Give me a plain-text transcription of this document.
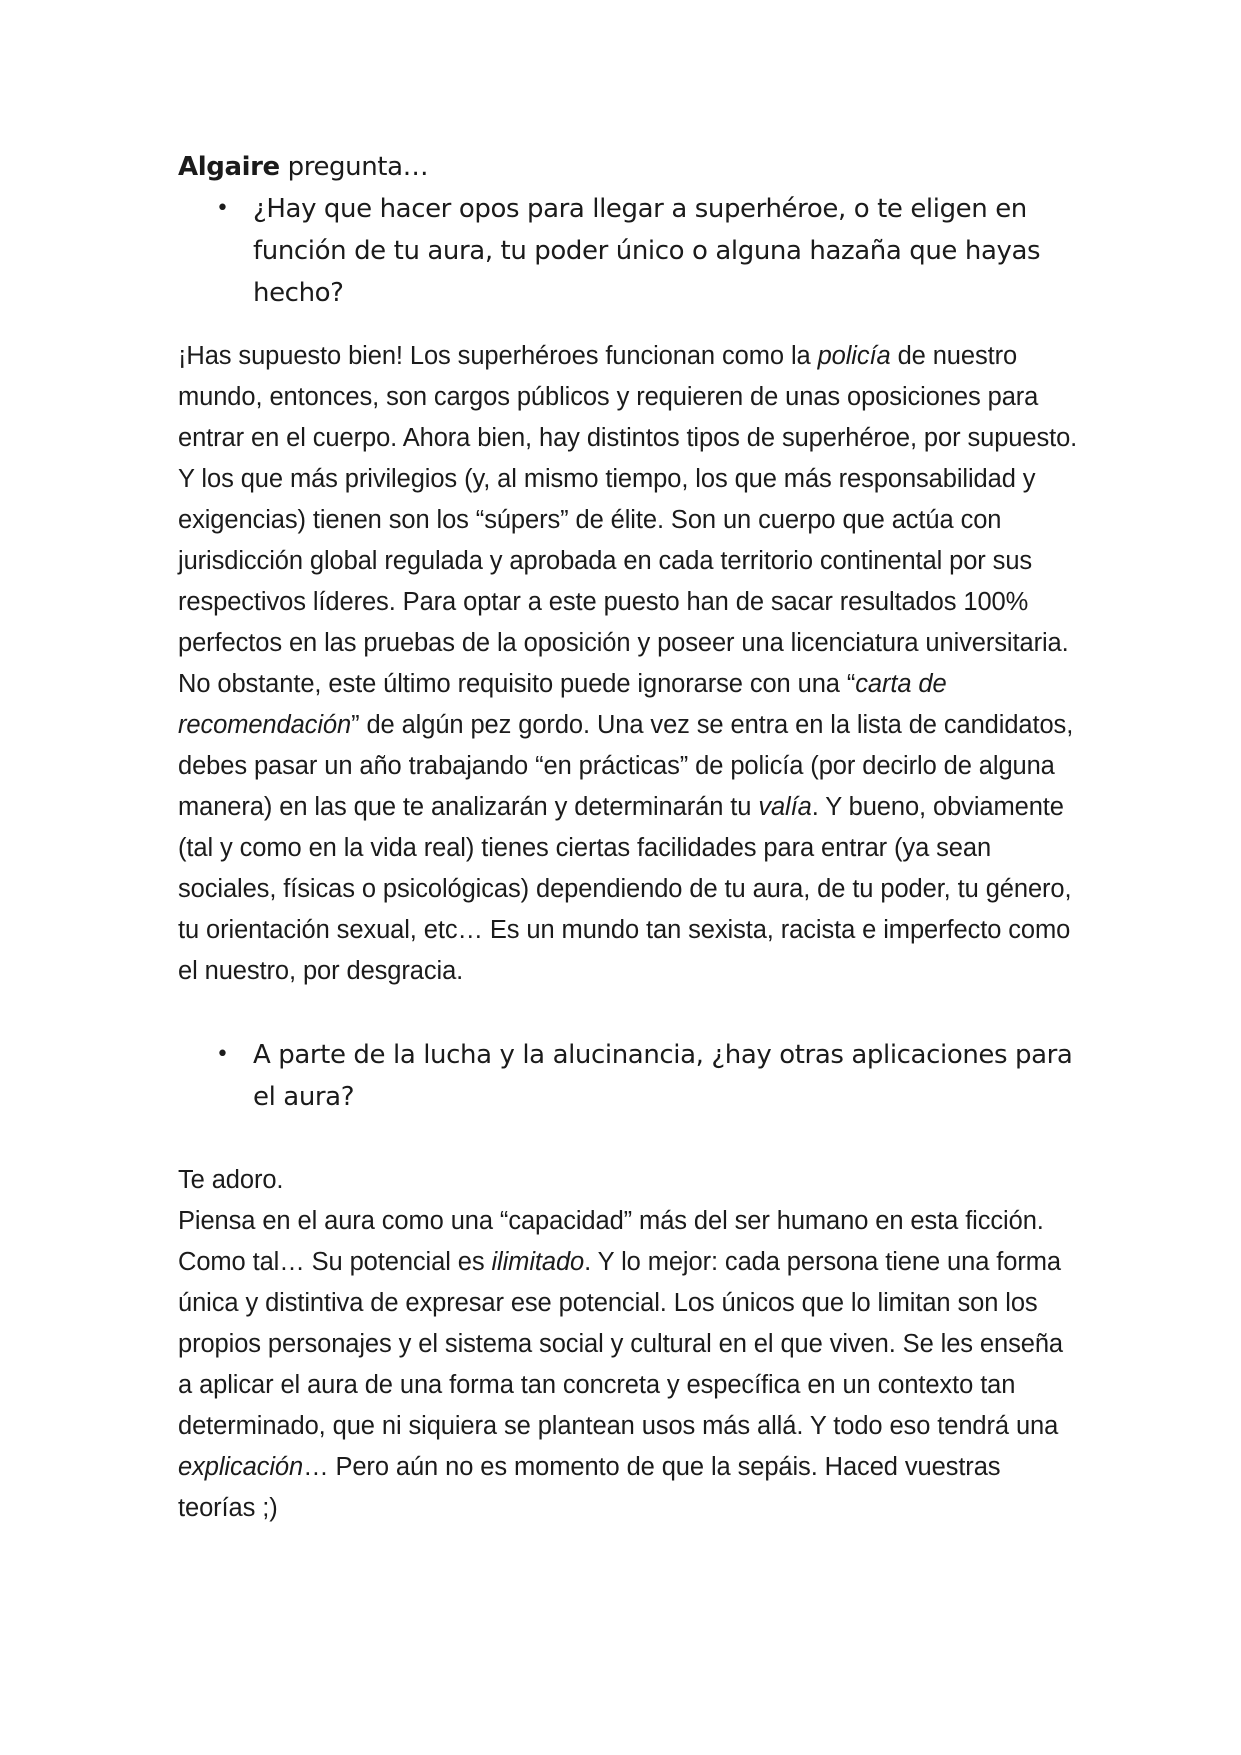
Algaire pregunta…

• ¿Hay que hacer opos para llegar a superhéroe, o te eligen en función de tu aura, tu poder único o alguna hazaña que hayas hecho?

¡Has supuesto bien! Los superhéroes funcionan como la policía de nuestro mundo, entonces, son cargos públicos y requieren de unas oposiciones para entrar en el cuerpo. Ahora bien, hay distintos tipos de superhéroe, por supuesto. Y los que más privilegios (y, al mismo tiempo, los que más responsabilidad y exigencias) tienen son los “súpers” de élite. Son un cuerpo que actúa con jurisdicción global regulada y aprobada en cada territorio continental por sus respectivos líderes. Para optar a este puesto han de sacar resultados 100% perfectos en las pruebas de la oposición y poseer una licenciatura universitaria. No obstante, este último requisito puede ignorarse con una “carta de recomendación” de algún pez gordo. Una vez se entra en la lista de candidatos, debes pasar un año trabajando “en prácticas” de policía (por decirlo de alguna manera) en las que te analizarán y determinarán tu valía. Y bueno, obviamente (tal y como en la vida real) tienes ciertas facilidades para entrar (ya sean sociales, físicas o psicológicas) dependiendo de tu aura, de tu poder, tu género, tu orientación sexual, etc… Es un mundo tan sexista, racista e imperfecto como el nuestro, por desgracia.

• A parte de la lucha y la alucinancia, ¿hay otras aplicaciones para el aura?

Te adoro.

Piensa en el aura como una “capacidad” más del ser humano en esta ficción. Como tal… Su potencial es ilimitado. Y lo mejor: cada persona tiene una forma única y distintiva de expresar ese potencial. Los únicos que lo limitan son los propios personajes y el sistema social y cultural en el que viven. Se les enseña a aplicar el aura de una forma tan concreta y específica en un contexto tan determinado, que ni siquiera se plantean usos más allá. Y todo eso tendrá una explicación… Pero aún no es momento de que la sepáis. Haced vuestras teorías ;)
